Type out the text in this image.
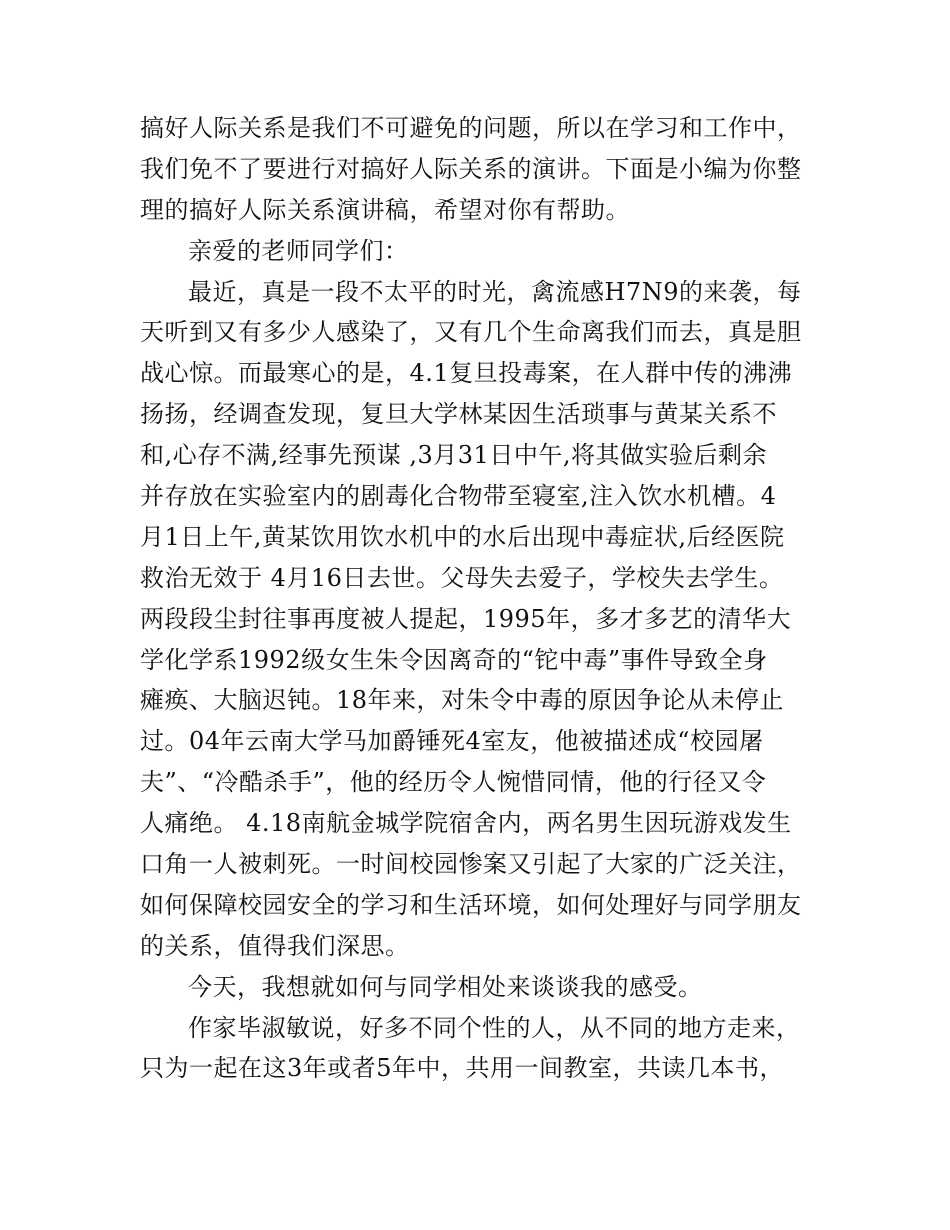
搞好人际关系是我们不可避免的问题，所以在学习和工作中，
我们免不了要进行对搞好人际关系的演讲。下面是小编为你整
理的搞好人际关系演讲稿，希望对你有帮助。
亲爱的老师同学们：
最近，真是一段不太平的时光，禽流感H7N9的来袭，每
天听到又有多少人感染了，又有几个生命离我们而去，真是胆
战心惊。而最寒心的是，4.1复旦投毒案，在人群中传的沸沸
扬扬，经调查发现，复旦大学林某因生活琐事与黄某关系不
和,心存不满,经事先预谋 ,3月31日中午,将其做实验后剩余
并存放在实验室内的剧毒化合物带至寝室,注入饮水机槽。4
月1日上午,黄某饮用饮水机中的水后出现中毒症状,后经医院
救治无效于 4月16日去世。父母失去爱子，学校失去学生。
两段段尘封往事再度被人提起，1995年，多才多艺的清华大
学化学系1992级女生朱令因离奇的“铊中毒”事件导致全身
瘫痪、大脑迟钝。18年来，对朱令中毒的原因争论从未停止
过。04年云南大学马加爵锤死4室友，他被描述成“校园屠
夫”、“冷酷杀手”，他的经历令人惋惜同情，他的行径又令
人痛绝。 4.18南航金城学院宿舍内，两名男生因玩游戏发生
口角一人被刺死。一时间校园惨案又引起了大家的广泛关注，
如何保障校园安全的学习和生活环境，如何处理好与同学朋友
的关系，值得我们深思。
今天，我想就如何与同学相处来谈谈我的感受。
作家毕淑敏说，好多不同个性的人，从不同的地方走来，
只为一起在这3年或者5年中，共用一间教室，共读几本书，
